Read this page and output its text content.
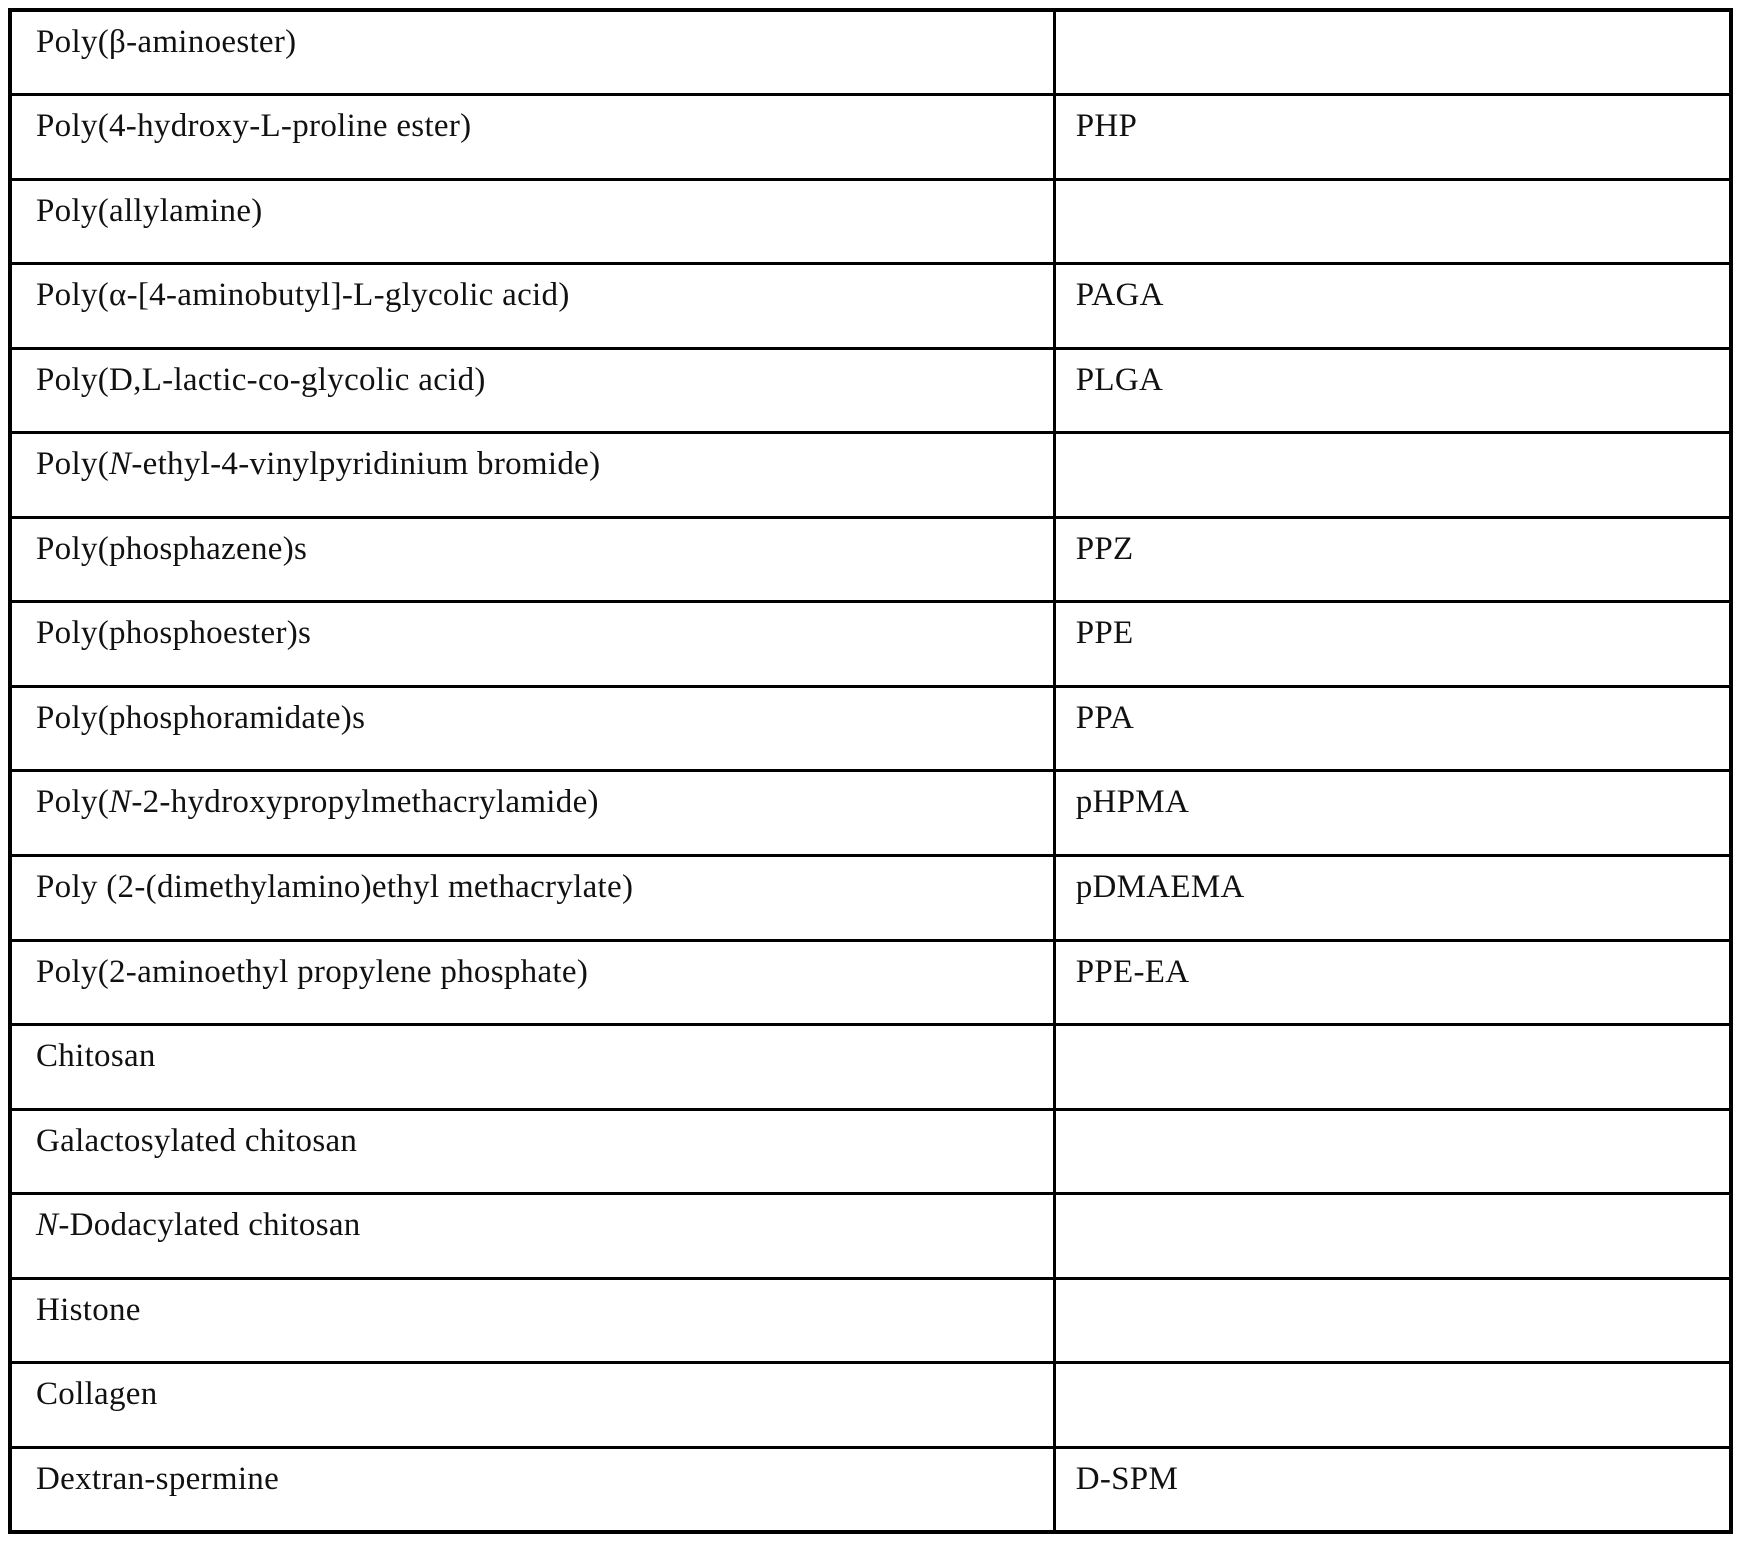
Poly(β-aminoester)	
Poly(4-hydroxy-L-proline ester)	PHP
Poly(allylamine)	
Poly(α-[4-aminobutyl]-L-glycolic acid)	PAGA
Poly(D,L-lactic-co-glycolic acid)	PLGA
Poly(N-ethyl-4-vinylpyridinium bromide)	
Poly(phosphazene)s	PPZ
Poly(phosphoester)s	PPE
Poly(phosphoramidate)s	PPA
Poly(N-2-hydroxypropylmethacrylamide)	pHPMA
Poly (2-(dimethylamino)ethyl methacrylate)	pDMAEMA
Poly(2-aminoethyl propylene phosphate)	PPE-EA
Chitosan	
Galactosylated chitosan	
N-Dodacylated chitosan	
Histone	
Collagen	
Dextran-spermine	D-SPM
